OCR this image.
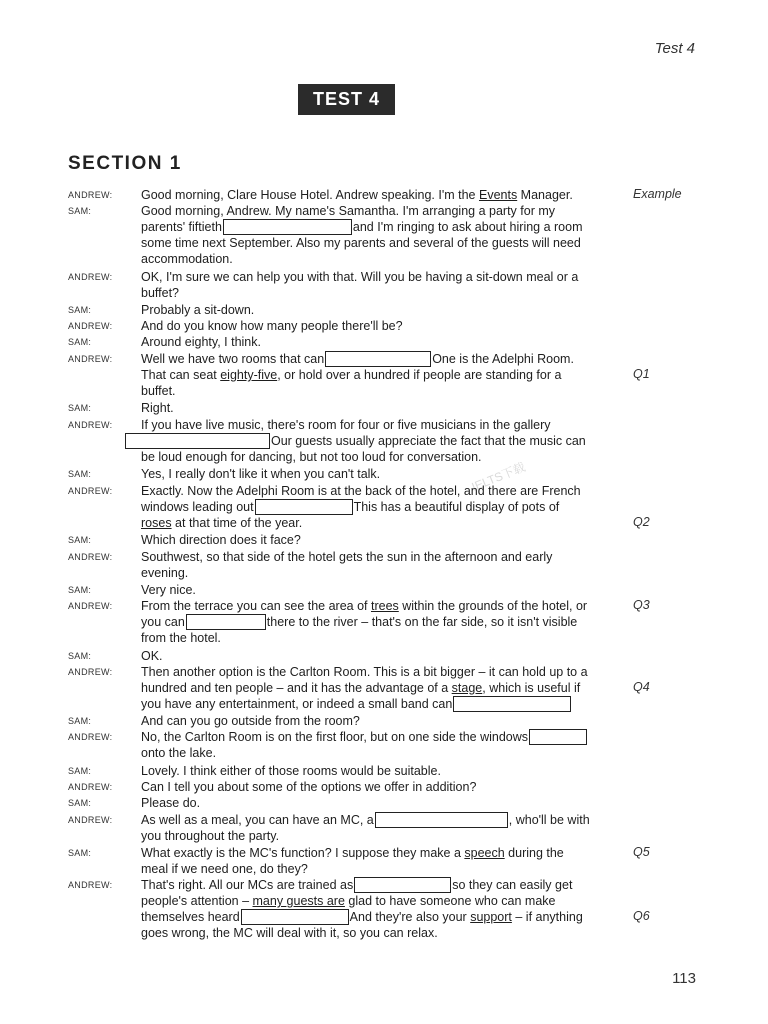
Test 4
TEST 4
SECTION 1
IELTS下载
ANDREW: Good morning, Clare House Hotel. Andrew speaking. I'm the Events Manager.	Example
SAM:	Good morning, Andrew. My name's Samantha. I'm arranging a party for my
parents' fiftieth	and I'm ringing to ask about hiring a room
some time next September. Also my parents and several of the guests will need
accommodation.
ANDREW: OK, I'm sure we can help you with that. Will you be having a sit-down meal or a
buffet?
SAM:	Probably a sit-down.
ANDREW: And do you know how many people there'll be?
SAM:	Around eighty, I think.
ANDREW: Well we have two rooms that can	One is the Adelphi Room.
That can seat eighty-five, or hold over a hundred if people are standing for a	Q1
buffet.
SAM:	Right.
ANDREW: If you have live music, there's room for four or five musicians in the gallery
Our guests usually appreciate the fact that the music can
be loud enough for dancing, but not too loud for conversation.
SAM:	Yes, I really don't like it when you can't talk.
ANDREW: Exactly. Now the Adelphi Room is at the back of the hotel, and there are French
windows leading out	This has a beautiful display of pots of
roses at that time of the year.	Q2
SAM:	Which direction does it face?
ANDREW: Southwest, so that side of the hotel gets the sun in the afternoon and early
evening.
SAM:	Very nice.
ANDREW: From the terrace you can see the area of trees within the grounds of the hotel, or	Q3
you can	there to the river – that's on the far side, so it isn't visible
from the hotel.
SAM:	OK.
ANDREW: Then another option is the Carlton Room. This is a bit bigger – it can hold up to a
hundred and ten people – and it has the advantage of a stage, which is useful if	Q4
you have any entertainment, or indeed a small band can
SAM:	And can you go outside from the room?
ANDREW: No, the Carlton Room is on the first floor, but on one side the windows
onto the lake.
SAM:	Lovely. I think either of those rooms would be suitable.
ANDREW: Can I tell you about some of the options we offer in addition?
SAM:	Please do.
ANDREW: As well as a meal, you can have an MC, a	, who'll be with
you throughout the party.
SAM:	What exactly is the MC's function? I suppose they make a speech during the	Q5
meal if we need one, do they?
ANDREW: That's right. All our MCs are trained as	so they can easily get
people's attention – many guests are glad to have someone who can make
themselves heard	And they're also your support – if anything	Q6
goes wrong, the MC will deal with it, so you can relax.
113
